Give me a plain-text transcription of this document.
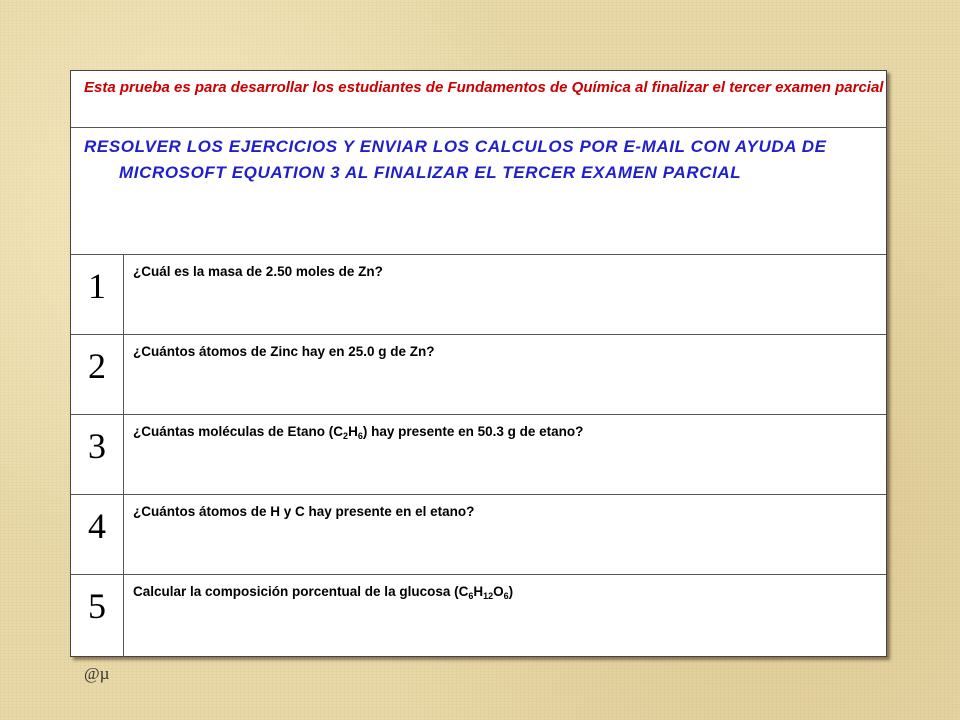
Esta prueba es para desarrollar los estudiantes de Fundamentos de Química al finalizar el tercer examen parcial
RESOLVER LOS EJERCICIOS Y ENVIAR LOS CALCULOS POR E-MAIL CON AYUDA DE MICROSOFT EQUATION 3 AL FINALIZAR EL TERCER EXAMEN PARCIAL
1	¿Cuál es la masa de 2.50 moles de Zn?
2	¿Cuántos átomos de Zinc hay en 25.0 g de Zn?
3	¿Cuántas moléculas de Etano $(C_2H_6)$ hay presente en 50.3 g de etano?
4	¿Cuántos átomos de H y C hay presente en el etano?
5	Calcular la composición porcentual de la glucosa $(C_6H_{12}O_6)$
@µ
